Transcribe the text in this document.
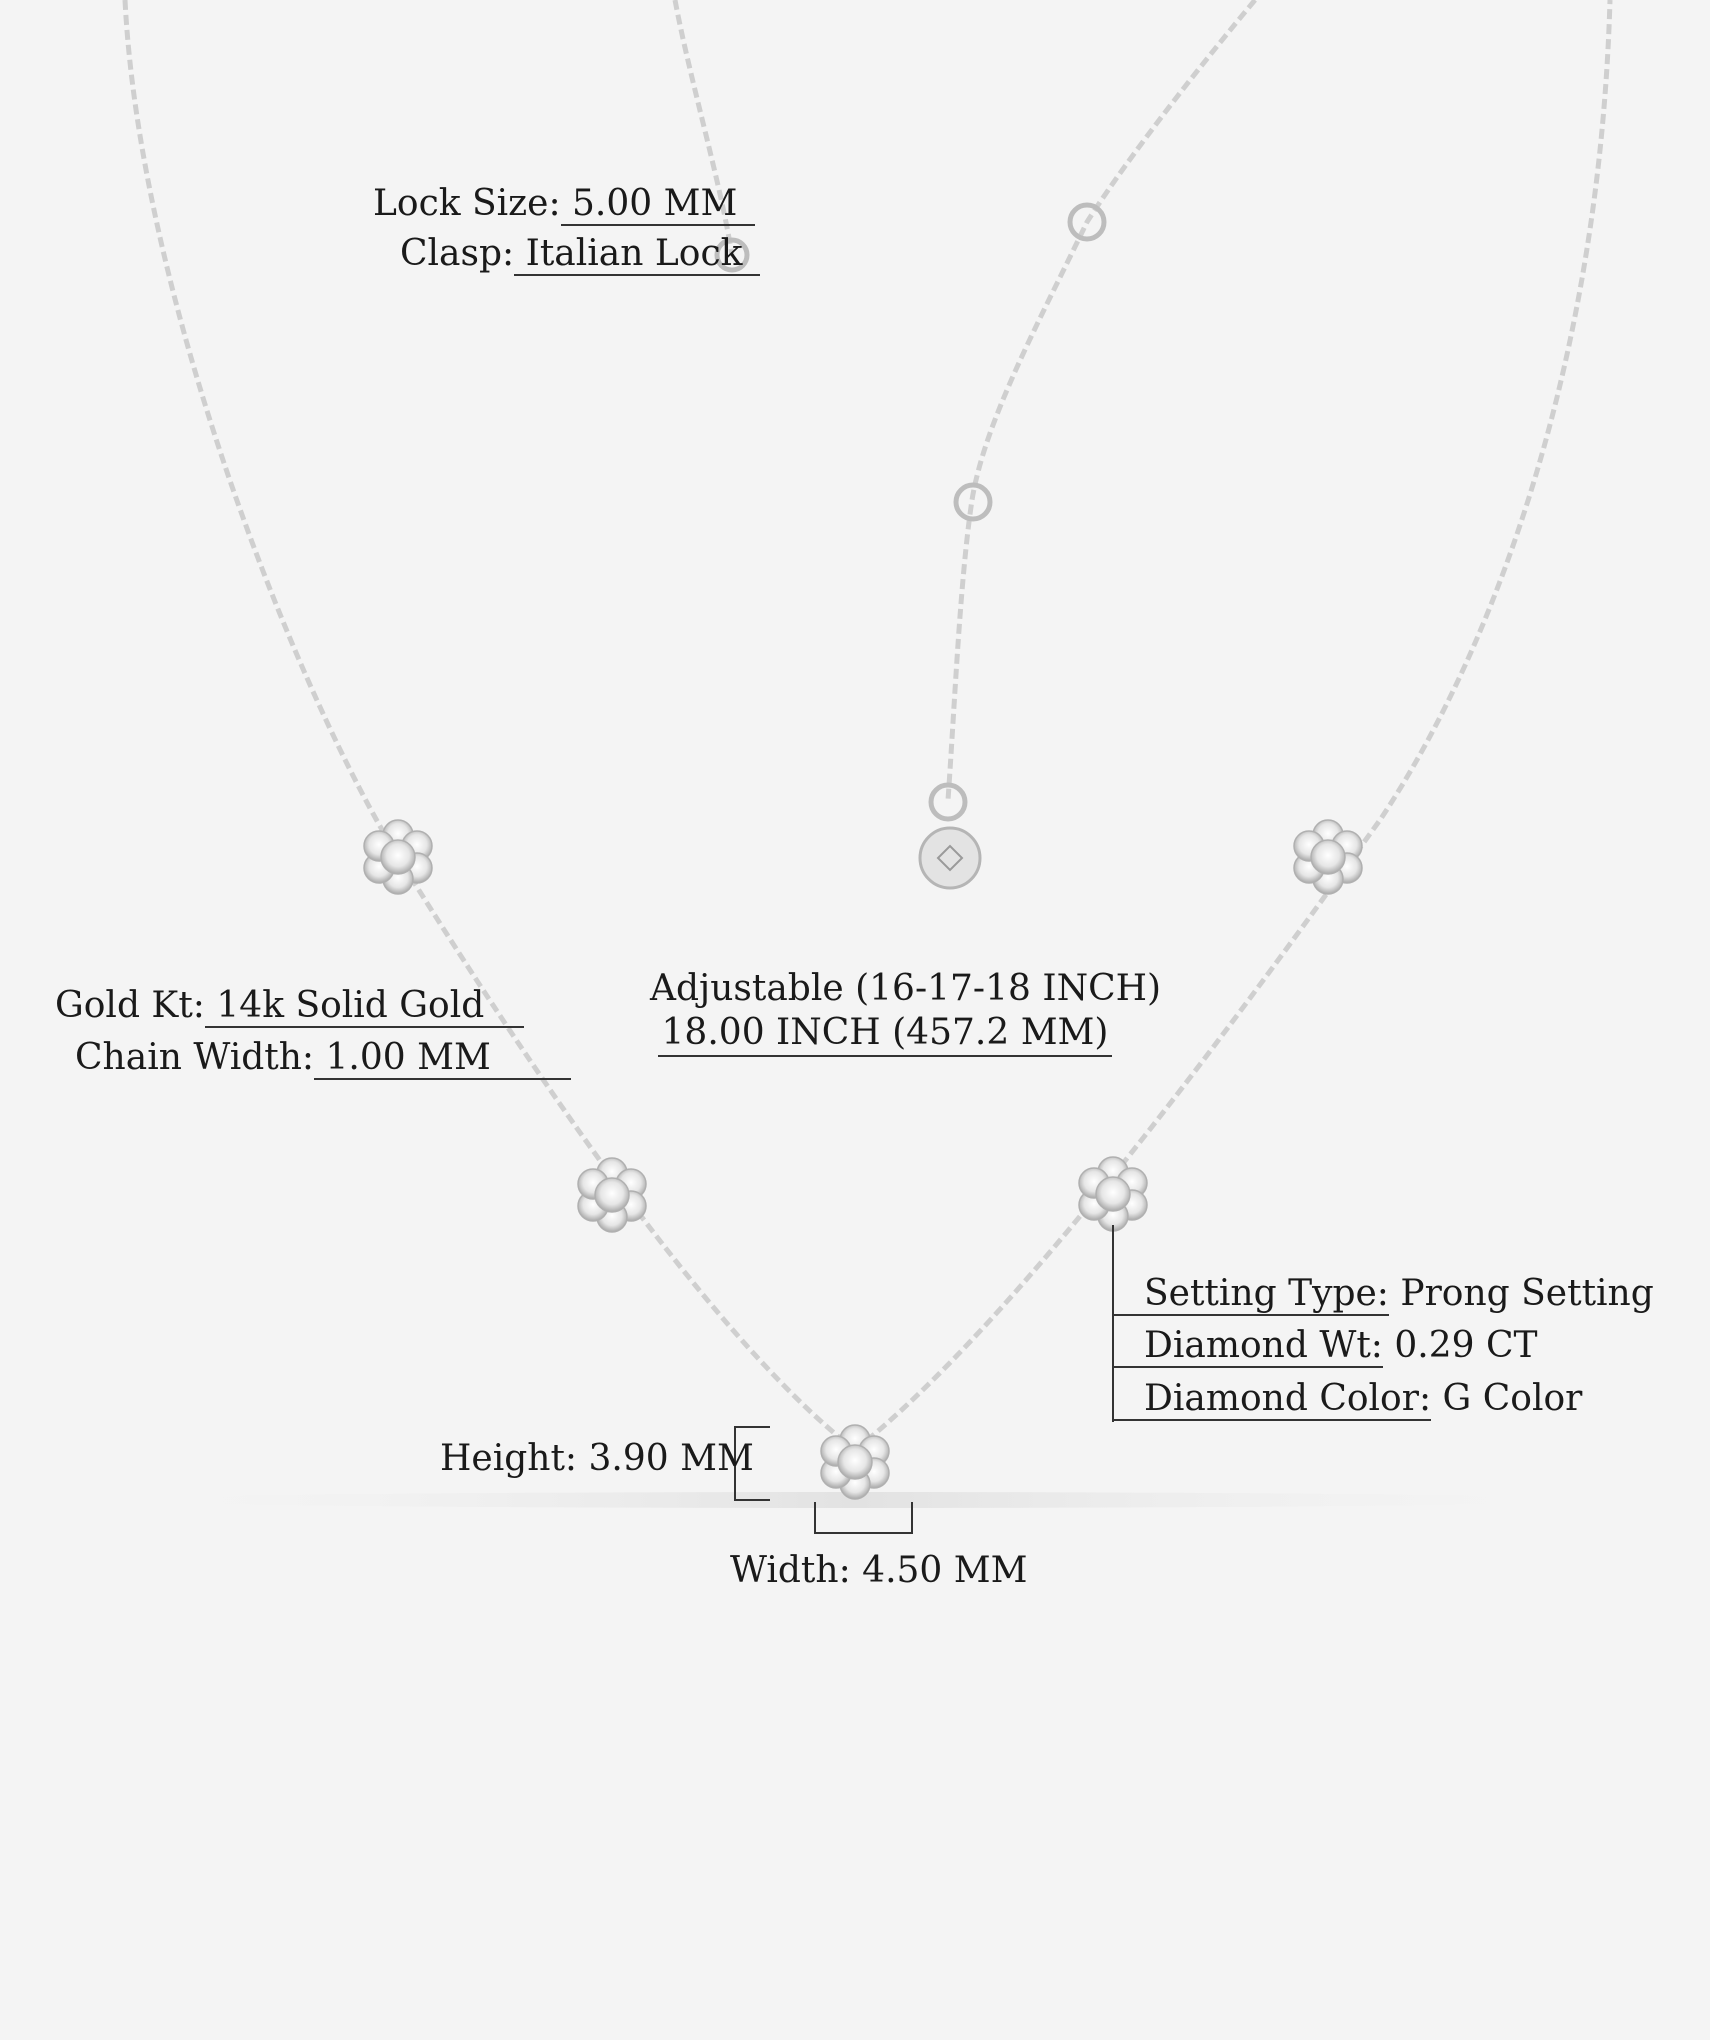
Lock Size: 5.00 MM
Clasp: Italian Lock
Gold Kt: 14k Solid Gold
Chain Width: 1.00 MM
Adjustable (16-17-18 INCH)
18.00 INCH (457.2 MM)
Setting Type: Prong Setting
Diamond Wt: 0.29 CT
Diamond Color: G Color
Height: 3.90 MM
Width: 4.50 MM
